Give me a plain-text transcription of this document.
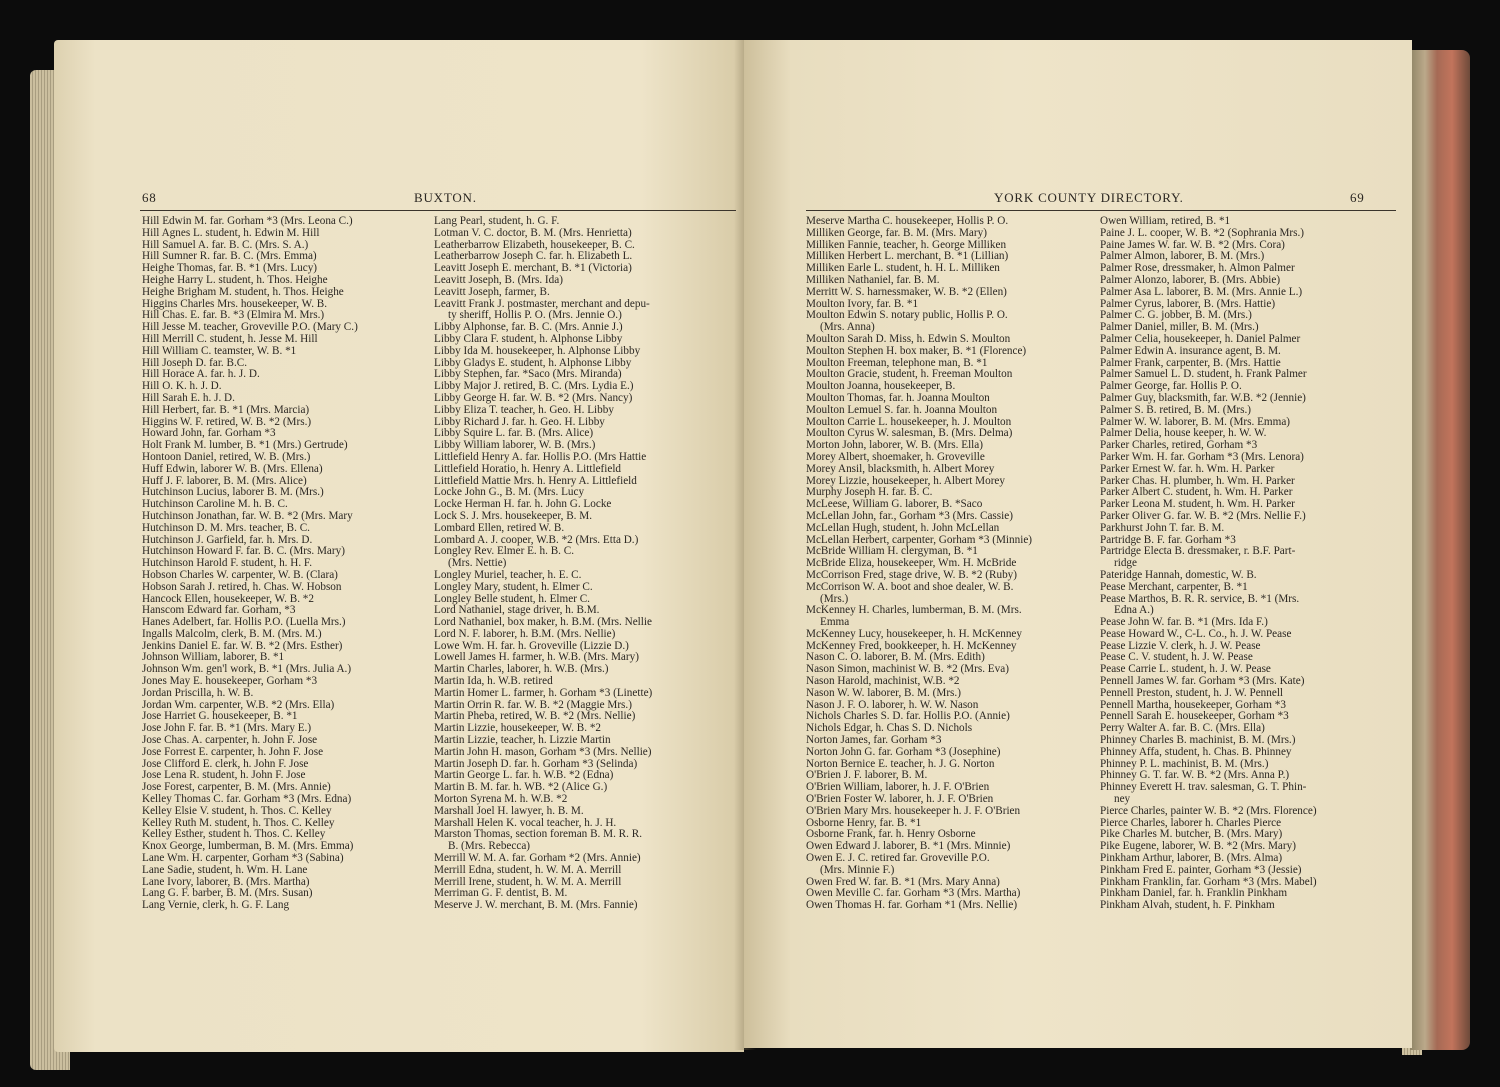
68	BUXTON.
Hill Edwin M. far. Gorham *3 (Mrs. Leona C.)
Hill Agnes L. student, h. Edwin M. Hill
Hill Samuel A. far. B. C. (Mrs. S. A.)
Hill Sumner R. far. B. C. (Mrs. Emma)
Heighe Thomas, far. B. *1 (Mrs. Lucy)
Heighe Harry L. student, h. Thos. Heighe
Heighe Brigham M. student, h. Thos. Heighe
Higgins Charles Mrs. housekeeper, W. B.
Hill Chas. E. far. B. *3 (Elmira M. Mrs.)
Hill Jesse M. teacher, Groveville P.O. (Mary C.)
Hill Merrill C. student, h. Jesse M. Hill
Hill William C. teamster, W. B. *1
Hill Joseph D. far. B.C.
Hill Horace A. far. h. J. D.
Hill O. K. h. J. D.
Hill Sarah E. h. J. D.
Hill Herbert, far. B. *1 (Mrs. Marcia)
Higgins W. F. retired, W. B. *2 (Mrs.)
Howard John, far. Gorham *3
Holt Frank M. lumber, B. *1 (Mrs.) Gertrude)
Hontoon Daniel, retired, W. B. (Mrs.)
Huff Edwin, laborer W. B. (Mrs. Ellena)
Huff J. F. laborer, B. M. (Mrs. Alice)
Hutchinson Lucius, laborer B. M. (Mrs.)
Hutchinson Caroline M. h. B. C.
Hutchinson Jonathan, far. W. B. *2 (Mrs. Mary
Hutchinson D. M. Mrs. teacher, B. C.
Hutchinson J. Garfield, far. h. Mrs. D.
Hutchinson Howard F. far. B. C. (Mrs. Mary)
Hutchinson Harold F. student, h. H. F.
Hobson Charles W. carpenter, W. B. (Clara)
Hobson Sarah J. retired, h. Chas. W. Hobson
Hancock Ellen, housekeeper, W. B. *2
Hanscom Edward far. Gorham, *3
Hanes Adelbert, far. Hollis P.O. (Luella Mrs.)
Ingalls Malcolm, clerk, B. M. (Mrs. M.)
Jenkins Daniel E. far. W. B. *2 (Mrs. Esther)
Johnson William, laborer, B. *1
Johnson Wm. gen'l work, B. *1 (Mrs. Julia A.)
Jones May E. housekeeper, Gorham *3
Jordan Priscilla, h. W. B.
Jordan Wm. carpenter, W.B. *2 (Mrs. Ella)
Jose Harriet G. housekeeper, B. *1
Jose John F. far. B. *1 (Mrs. Mary E.)
Jose Chas. A. carpenter, h. John F. Jose
Jose Forrest E. carpenter, h. John F. Jose
Jose Clifford E. clerk, h. John F. Jose
Jose Lena R. student, h. John F. Jose
Jose Forest, carpenter, B. M. (Mrs. Annie)
Kelley Thomas C. far. Gorham *3 (Mrs. Edna)
Kelley Elsie V. student, h. Thos. C. Kelley
Kelley Ruth M. student, h. Thos. C. Kelley
Kelley Esther, student h. Thos. C. Kelley
Knox George, lumberman, B. M. (Mrs. Emma)
Lane Wm. H. carpenter, Gorham *3 (Sabina)
Lane Sadie, student, h. Wm. H. Lane
Lane Ivory, laborer, B. (Mrs. Martha)
Lang G. F. barber, B. M. (Mrs. Susan)
Lang Vernie, clerk, h. G. F. Lang
Lang Pearl, student, h. G. F.
Lotman V. C. doctor, B. M. (Mrs. Henrietta)
Leatherbarrow Elizabeth, housekeeper, B. C.
Leatherbarrow Joseph C. far. h. Elizabeth L.
Leavitt Joseph E. merchant, B. *1 (Victoria)
Leavitt Joseph, B. (Mrs. Ida)
Leavitt Joseph, farmer, B.
Leavitt Frank J. postmaster, merchant and depu-
ty sheriff, Hollis P. O. (Mrs. Jennie O.)
Libby Alphonse, far. B. C. (Mrs. Annie J.)
Libby Clara F. student, h. Alphonse Libby
Libby Ida M. housekeeper, h. Alphonse Libby
Libby Gladys E. student, h. Alphonse Libby
Libby Stephen, far. *Saco (Mrs. Miranda)
Libby Major J. retired, B. C. (Mrs. Lydia E.)
Libby George H. far. W. B. *2 (Mrs. Nancy)
Libby Eliza T. teacher, h. Geo. H. Libby
Libby Richard J. far. h. Geo. H. Libby
Libby Squire L. far. B. (Mrs. Alice)
Libby William laborer, W. B. (Mrs.)
Littlefield Henry A. far. Hollis P.O. (Mrs Hattie
Littlefield Horatio, h. Henry A. Littlefield
Littlefield Mattie Mrs. h. Henry A. Littlefield
Locke John G., B. M. (Mrs. Lucy
Locke Herman H. far. h. John G. Locke
Lock S. J. Mrs. housekeeper, B. M.
Lombard Ellen, retired W. B.
Lombard A. J. cooper, W.B. *2 (Mrs. Etta D.)
Longley Rev. Elmer E. h. B. C.
(Mrs. Nettie)
Longley Muriel, teacher, h. E. C.
Longley Mary, student, h. Elmer C.
Longley Belle student, h. Elmer C.
Lord Nathaniel, stage driver, h. B.M.
Lord Nathaniel, box maker, h. B.M. (Mrs. Nellie
Lord N. F. laborer, h. B.M. (Mrs. Nellie)
Lowe Wm. H. far. h. Groveville (Lizzie D.)
Lowell James H. farmer, h. W.B. (Mrs. Mary)
Martin Charles, laborer, h. W.B. (Mrs.)
Martin Ida, h. W.B. retired
Martin Homer L. farmer, h. Gorham *3 (Linette)
Martin Orrin R. far. W. B. *2 (Maggie Mrs.)
Martin Pheba, retired, W. B. *2 (Mrs. Nellie)
Martin Lizzie, housekeeper, W. B. *2
Martin Lizzie, teacher, h. Lizzie Martin
Martin John H. mason, Gorham *3 (Mrs. Nellie)
Martin Joseph D. far. h. Gorham *3 (Selinda)
Martin George L. far. h. W.B. *2 (Edna)
Martin B. M. far. h. WB. *2 (Alice G.)
Morton Syrena M. h. W.B. *2
Marshall Joel H. lawyer, h. B. M.
Marshall Helen K. vocal teacher, h. J. H.
Marston Thomas, section foreman B. M. R. R.
B. (Mrs. Rebecca)
Merrill W. M. A. far. Gorham *2 (Mrs. Annie)
Merrill Edna, student, h. W. M. A. Merrill
Merrill Irene, student, h. W. M. A. Merrill
Merriman G. F. dentist, B. M.
Meserve J. W. merchant, B. M. (Mrs. Fannie)
YORK COUNTY DIRECTORY.	69
Meserve Martha C. housekeeper, Hollis P. O.
Milliken George, far. B. M. (Mrs. Mary)
Milliken Fannie, teacher, h. George Milliken
Milliken Herbert L. merchant, B. *1 (Lillian)
Milliken Earle L. student, h. H. L. Milliken
Milliken Nathaniel, far. B. M.
Merritt W. S. harnessmaker, W. B. *2 (Ellen)
Moulton Ivory, far. B. *1
Moulton Edwin S. notary public, Hollis P. O.
(Mrs. Anna)
Moulton Sarah D. Miss, h. Edwin S. Moulton
Moulton Stephen H. box maker, B. *1 (Florence)
Moulton Freeman, telephone man, B. *1
Moulton Gracie, student, h. Freeman Moulton
Moulton Joanna, housekeeper, B.
Moulton Thomas, far. h. Joanna Moulton
Moulton Lemuel S. far. h. Joanna Moulton
Moulton Carrie L. housekeeper, h. J. Moulton
Moulton Cyrus W. salesman, B. (Mrs. Delma)
Morton John, laborer, W. B. (Mrs. Ella)
Morey Albert, shoemaker, h. Groveville
Morey Ansil, blacksmith, h. Albert Morey
Morey Lizzie, housekeeper, h. Albert Morey
Murphy Joseph H. far. B. C.
McLeese, William G. laborer, B. *Saco
McLellan John, far., Gorham *3 (Mrs. Cassie)
McLellan Hugh, student, h. John McLellan
McLellan Herbert, carpenter, Gorham *3 (Minnie)
McBride William H. clergyman, B. *1
McBride Eliza, housekeeper, Wm. H. McBride
McCorrison Fred, stage drive, W. B. *2 (Ruby)
McCorrison W. A. boot and shoe dealer, W. B.
(Mrs.)
McKenney H. Charles, lumberman, B. M. (Mrs.
Emma
McKenney Lucy, housekeeper, h. H. McKenney
McKenney Fred, bookkeeper, h. H. McKenney
Nason C. O. laborer, B. M. (Mrs. Edith)
Nason Simon, machinist W. B. *2 (Mrs. Eva)
Nason Harold, machinist, W.B. *2
Nason W. W. laborer, B. M. (Mrs.)
Nason J. F. O. laborer, h. W. W. Nason
Nichols Charles S. D. far. Hollis P.O. (Annie)
Nichols Edgar, h. Chas S. D. Nichols
Norton James, far. Gorham *3
Norton John G. far. Gorham *3 (Josephine)
Norton Bernice E. teacher, h. J. G. Norton
O'Brien J. F. laborer, B. M.
O'Brien William, laborer, h. J. F. O'Brien
O'Brien Foster W. laborer, h. J. F. O'Brien
O'Brien Mary Mrs. housekeeper h. J. F. O'Brien
Osborne Henry, far. B. *1
Osborne Frank, far. h. Henry Osborne
Owen Edward J. laborer, B. *1 (Mrs. Minnie)
Owen E. J. C. retired far. Groveville P.O.
(Mrs. Minnie F.)
Owen Fred W. far. B. *1 (Mrs. Mary Anna)
Owen Meville C. far. Gorham *3 (Mrs. Martha)
Owen Thomas H. far. Gorham *1 (Mrs. Nellie)
Owen William, retired, B. *1
Paine J. L. cooper, W. B. *2 (Sophrania Mrs.)
Paine James W. far. W. B. *2 (Mrs. Cora)
Palmer Almon, laborer, B. M. (Mrs.)
Palmer Rose, dressmaker, h. Almon Palmer
Palmer Alonzo, laborer, B. (Mrs. Abbie)
Palmer Asa L. laborer, B. M. (Mrs. Annie L.)
Palmer Cyrus, laborer, B. (Mrs. Hattie)
Palmer C. G. jobber, B. M. (Mrs.)
Palmer Daniel, miller, B. M. (Mrs.)
Palmer Celia, housekeeper, h. Daniel Palmer
Palmer Edwin A. insurance agent, B. M.
Palmer Frank, carpenter, B. (Mrs. Hattie
Palmer Samuel L. D. student, h. Frank Palmer
Palmer George, far. Hollis P. O.
Palmer Guy, blacksmith, far. W.B. *2 (Jennie)
Palmer S. B. retired, B. M. (Mrs.)
Palmer W. W. laborer, B. M. (Mrs. Emma)
Palmer Delia, house keeper, h. W. W.
Parker Charles, retired, Gorham *3
Parker Wm. H. far. Gorham *3 (Mrs. Lenora)
Parker Ernest W. far. h. Wm. H. Parker
Parker Chas. H. plumber, h. Wm. H. Parker
Parker Albert C. student, h. Wm. H. Parker
Parker Leona M. student, h. Wm. H. Parker
Parker Oliver G. far. W. B. *2 (Mrs. Nellie F.)
Parkhurst John T. far. B. M.
Partridge B. F. far. Gorham *3
Partridge Electa B. dressmaker, r. B.F. Part-
ridge
Pateridge Hannah, domestic, W. B.
Pease Merchant, carpenter, B. *1
Pease Marthos, B. R. R. service, B. *1 (Mrs.
Edna A.)
Pease John W. far. B. *1 (Mrs. Ida F.)
Pease Howard W., C-L. Co., h. J. W. Pease
Pease Lizzie V. clerk, h. J. W. Pease
Pease C. V. student, h. J. W. Pease
Pease Carrie L. student, h. J. W. Pease
Pennell James W. far. Gorham *3 (Mrs. Kate)
Pennell Preston, student, h. J. W. Pennell
Pennell Martha, housekeeper, Gorham *3
Pennell Sarah E. housekeeper, Gorham *3
Perry Walter A. far. B. C. (Mrs. Ella)
Phinney Charles B. machinist, B. M. (Mrs.)
Phinney Affa, student, h. Chas. B. Phinney
Phinney P. L. machinist, B. M. (Mrs.)
Phinney G. T. far. W. B. *2 (Mrs. Anna P.)
Phinney Everett H. trav. salesman, G. T. Phin-
ney
Pierce Charles, painter W. B. *2 (Mrs. Florence)
Pierce Charles, laborer h. Charles Pierce
Pike Charles M. butcher, B. (Mrs. Mary)
Pike Eugene, laborer, W. B. *2 (Mrs. Mary)
Pinkham Arthur, laborer, B. (Mrs. Alma)
Pinkham Fred E. painter, Gorham *3 (Jessie)
Pinkham Franklin, far. Gorham *3 (Mrs. Mabel)
Pinkham Daniel, far. h. Franklin Pinkham
Pinkham Alvah, student, h. F. Pinkham
